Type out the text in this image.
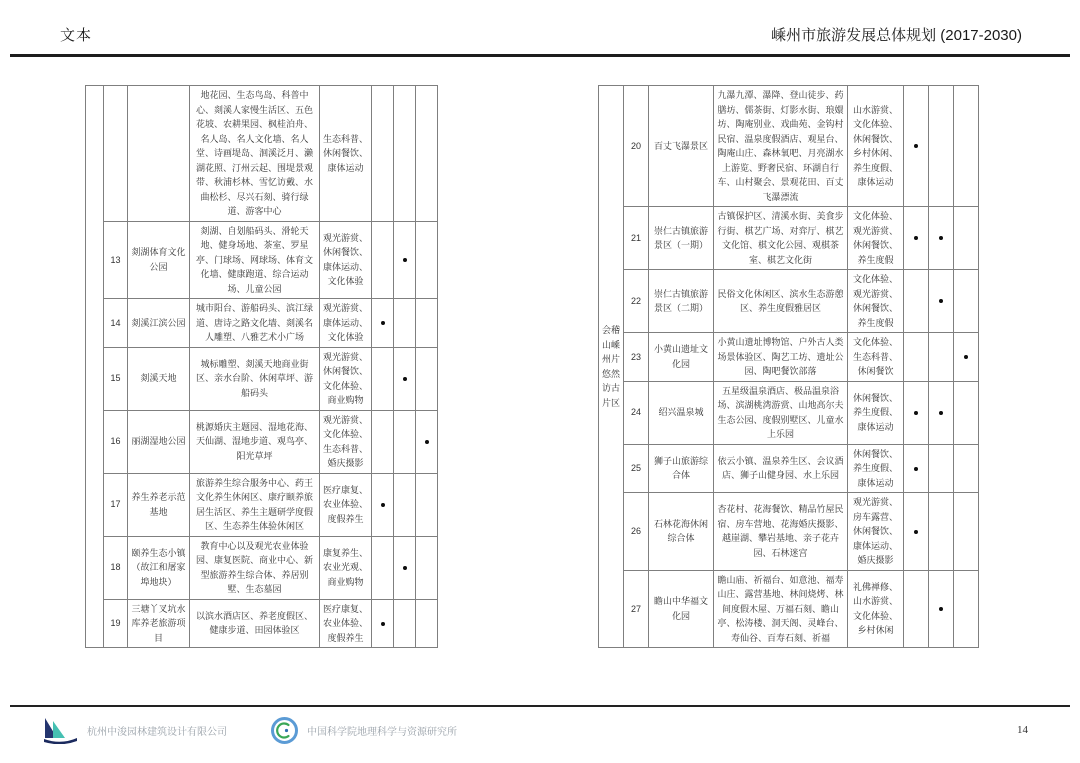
文本	嵊州市旅游发展总体规划 (2017-2030)
			地花园、生态鸟岛、科普中心、剡溪人家慢生活区、五色花坡、农耕果园、枫桂泊舟、名人岛、名人文化墙、名人堂、诗画堤岛、洄溪泛月、濑湖花照、汀州云起、围堤景观带、秋浦杉林、雪忆访戴、水曲松杉、尽兴石刻、骑行绿道、游客中心	生态科普、休闲餐饮、康体运动			
	13	剡湖体育文化公园	剡湖、自划船码头、滑轮天地、健身场地、茶室、罗星亭、门球场、网球场、体育文化墙、健康跑道、综合运动场、儿童公园	观光游赏、休闲餐饮、康体运动、文化体验			
	14	剡溪江滨公园	城市阳台、游船码头、滨江绿道、唐诗之路文化墙、剡溪名人雕塑、八雅艺术小广场	观光游赏、康体运动、文化体验			
	15	剡溪天地	城标雕塑、剡溪天地商业街区、亲水台阶、休闲草坪、游船码头	观光游赏、休闲餐饮、文化体验、商业购物			
	16	丽湖湿地公园	桃源婚庆主题园、湿地花海、天仙湖、湿地步道、观鸟亭、阳光草坪	观光游赏、文化体验、生态科普、婚庆摄影			
	17	养生养老示范基地	旅游养生综合服务中心、药王文化养生休闲区、康疗颐养旅居生活区、养生主题研学度假区、生态养生体验休闲区	医疗康复、农业体验、度假养生			
	18	颐养生态小镇（故江和屠家埠地块）	教育中心以及观光农业体验园、康复医院、商业中心、新型旅游养生综合体、养居别墅、生态墓园	康复养生、农业光观、商业购物			
	19	三塘丫叉坑水库养老旅游项目	以滨水酒店区、养老度假区、健康步道、田园体验区	医疗康复、农业体验、度假养生			
会稽山嵊州片悠然访古片区	20	百丈飞瀑景区	九瀑九潭、瀑降、登山徒步、药膳坊、儒茶街、灯影水街、琅嬛坊、陶庵别业、戏曲苑、金钩村民宿、温泉度假酒店、观星台、陶庵山庄、森林氧吧、月亮湖水上游览、野奢民宿、环湖自行车、山村聚会、景观花田、百丈飞瀑漂流	山水游赏、文化体验、休闲餐饮、乡村休闲、养生度假、康体运动			
	21	崇仁古镇旅游景区（一期）	古镇保护区、清溪水街、美食步行街、棋艺广场、对弈厅、棋艺文化馆、棋文化公园、观棋茶室、棋艺文化街	文化体验、观光游赏、休闲餐饮、养生度假			
	22	崇仁古镇旅游景区（二期）	民俗文化休闲区、滨水生态游憩区、养生度假雅居区	文化体验、观光游赏、休闲餐饮、养生度假			
	23	小黄山遗址文化园	小黄山遗址博物馆、户外古人类场景体验区、陶艺工坊、遗址公园、陶吧餐饮部落	文化体验、生态科普、休闲餐饮			
	24	绍兴温泉城	五星级温泉酒店、极品温泉浴场、滨湖桃湾游赏、山地高尔夫生态公园、度假别墅区、儿童水上乐园	休闲餐饮、养生度假、康体运动			
	25	狮子山旅游综合体	依云小镇、温泉养生区、会议酒店、狮子山健身园、水上乐园	休闲餐饮、养生度假、康体运动			
	26	石林花海休闲综合体	杏花村、花海餐饮、精品竹屋民宿、房车营地、花海婚庆摄影、越崖湖、攀岩基地、亲子花卉园、石林迷宫	观光游赏、房车露营、休闲餐饮、康体运动、婚庆摄影			
	27	瞻山中华福文化园	瞻山庙、祈福台、如意池、福寿山庄、露营基地、林间烧烤、林间度假木屋、万福石刻、瞻山亭、松涛楼、洞天阁、灵峰台、寿仙谷、百寿石刻、祈福	礼佛禅修、山水游赏、文化体验、乡村休闲			
杭州中浚园林建筑设计有限公司	中国科学院地理科学与资源研究所	14
